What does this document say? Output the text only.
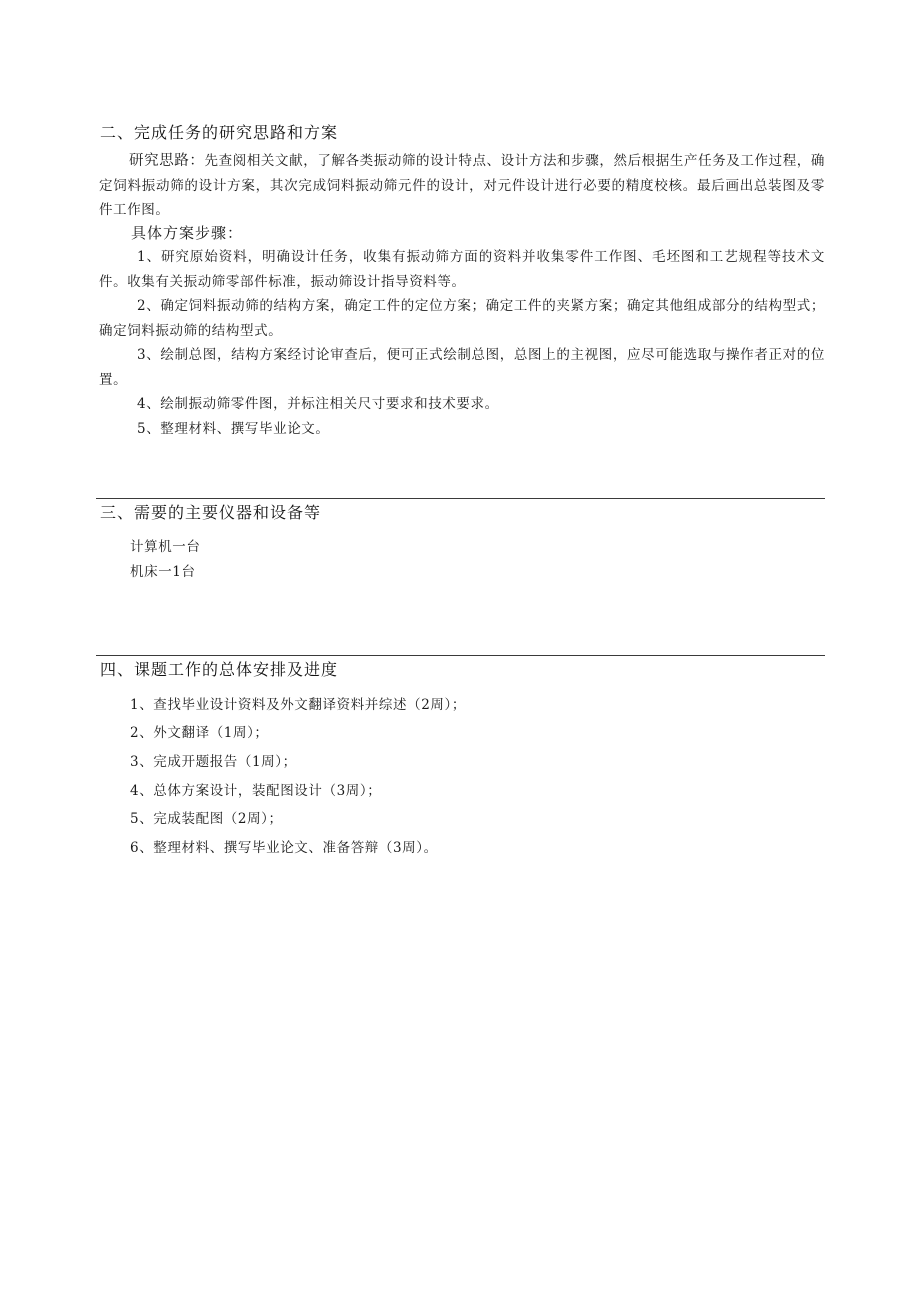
二、完成任务的研究思路和方案
研究思路：先查阅相关文献，了解各类振动筛的设计特点、设计方法和步骤，然后根据生产任务及工作过程，确定饲料振动筛的设计方案，其次完成饲料振动筛元件的设计，对元件设计进行必要的精度校核。最后画出总装图及零件工作图。
具体方案步骤：
1、研究原始资料，明确设计任务，收集有振动筛方面的资料并收集零件工作图、毛坯图和工艺规程等技术文件。收集有关振动筛零部件标准，振动筛设计指导资料等。
2、确定饲料振动筛的结构方案，确定工件的定位方案；确定工件的夹紧方案；确定其他组成部分的结构型式；确定饲料振动筛的结构型式。
3、绘制总图，结构方案经讨论审查后，便可正式绘制总图，总图上的主视图，应尽可能选取与操作者正对的位置。
4、绘制振动筛零件图，并标注相关尺寸要求和技术要求。
5、整理材料、撰写毕业论文。
三、需要的主要仪器和设备等
计算机一台
机床一1台
四、课题工作的总体安排及进度
1、查找毕业设计资料及外文翻译资料并综述（2周）；
2、外文翻译（1周）；
3、完成开题报告（1周）；
4、总体方案设计，装配图设计（3周）；
5、完成装配图（2周）；
6、整理材料、撰写毕业论文、准备答辩（3周）。
